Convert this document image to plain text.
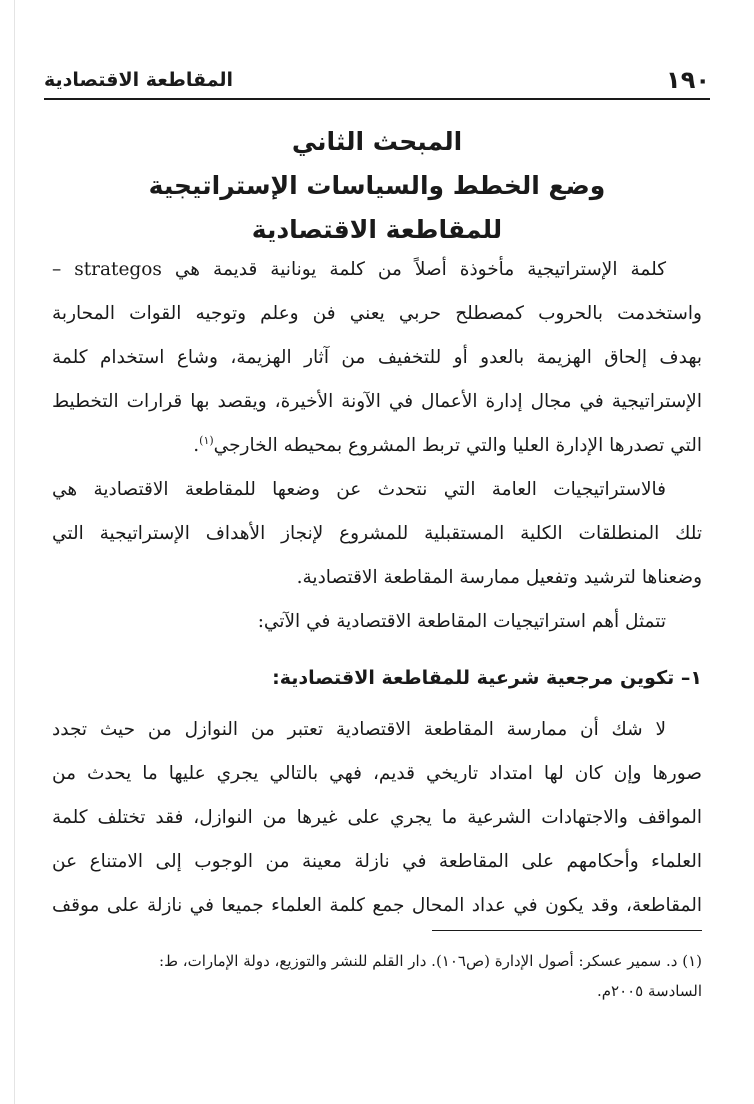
١٩٠
المقاطعة الاقتصادية
المبحث الثاني
وضع الخطط والسياسات الإستراتيجية
للمقاطعة الاقتصادية
كلمة الإستراتيجية مأخوذة أصلاً من كلمة يونانية قديمة هي strategos –
واستخدمت بالحروب كمصطلح حربي يعني فن وعلم وتوجيه القوات المحاربة
بهدف إلحاق الهزيمة بالعدو أو للتخفيف من آثار الهزيمة، وشاع استخدام كلمة
الإستراتيجية في مجال إدارة الأعمال في الآونة الأخيرة، ويقصد بها قرارات التخطيط
التي تصدرها الإدارة العليا والتي تربط المشروع بمحيطه الخارجي$^{(١)}$.
فالاستراتيجيات العامة التي نتحدث عن وضعها للمقاطعة الاقتصادية هي
تلك المنطلقات الكلية المستقبلية للمشروع لإنجاز الأهداف الإستراتيجية التي
وضعناها لترشيد وتفعيل ممارسة المقاطعة الاقتصادية.
تتمثل أهم استراتيجيات المقاطعة الاقتصادية في الآتي:
١– تكوين مرجعية شرعية للمقاطعة الاقتصادية:
لا شك أن ممارسة المقاطعة الاقتصادية تعتبر من النوازل من حيث تجدد
صورها وإن كان لها امتداد تاريخي قديم، فهي بالتالي يجري عليها ما يحدث من
المواقف والاجتهادات الشرعية ما يجري على غيرها من النوازل، فقد تختلف كلمة
العلماء وأحكامهم على المقاطعة في نازلة معينة من الوجوب إلى الامتناع عن
المقاطعة، وقد يكون في عداد المحال جمع كلمة العلماء جميعا في نازلة على موقف
(١) د. سمير عسكر: أصول الإدارة (ص١٠٦). دار القلم للنشر والتوزيع، دولة الإمارات، ط:
السادسة ٢٠٠٥م.
